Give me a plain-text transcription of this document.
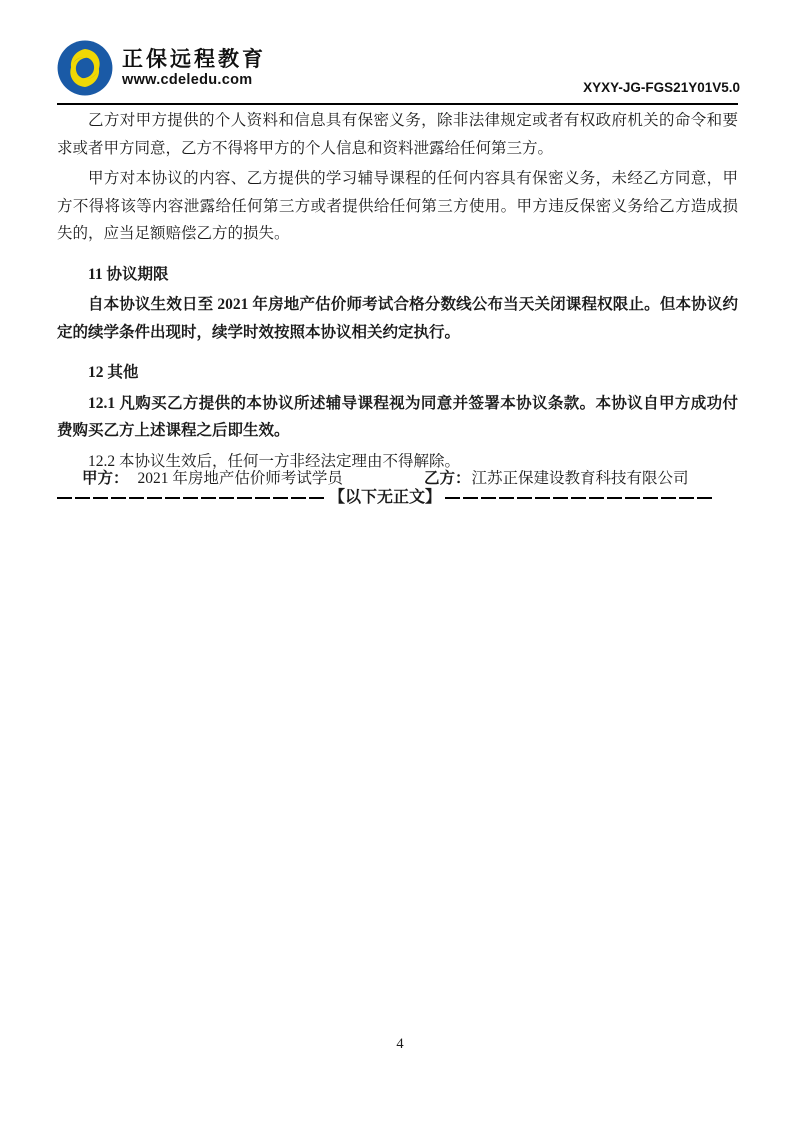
正保远程教育
www.cdeledu.com	XYXY-JG-FGS21Y01V5.0

乙方对甲方提供的个人资料和信息具有保密义务，除非法律规定或者有权政府机关的命令和要求或者甲方同意，乙方不得将甲方的个人信息和资料泄露给任何第三方。

甲方对本协议的内容、乙方提供的学习辅导课程的任何内容具有保密义务，未经乙方同意，甲方不得将该等内容泄露给任何第三方或者提供给任何第三方使用。甲方违反保密义务给乙方造成损失的，应当足额赔偿乙方的损失。

11 协议期限

自本协议生效日至 2021 年房地产估价师考试合格分数线公布当天关闭课程权限止。但本协议约定的续学条件出现时，续学时效按照本协议相关约定执行。

12 其他

12.1 凡购买乙方提供的本协议所述辅导课程视为同意并签署本协议条款。本协议自甲方成功付费购买乙方上述课程之后即生效。

12.2 本协议生效后，任何一方非经法定理由不得解除。

【以下无正文】
甲方： 2021 年房地产估价师考试学员	乙方：江苏正保建设教育科技有限公司
4
